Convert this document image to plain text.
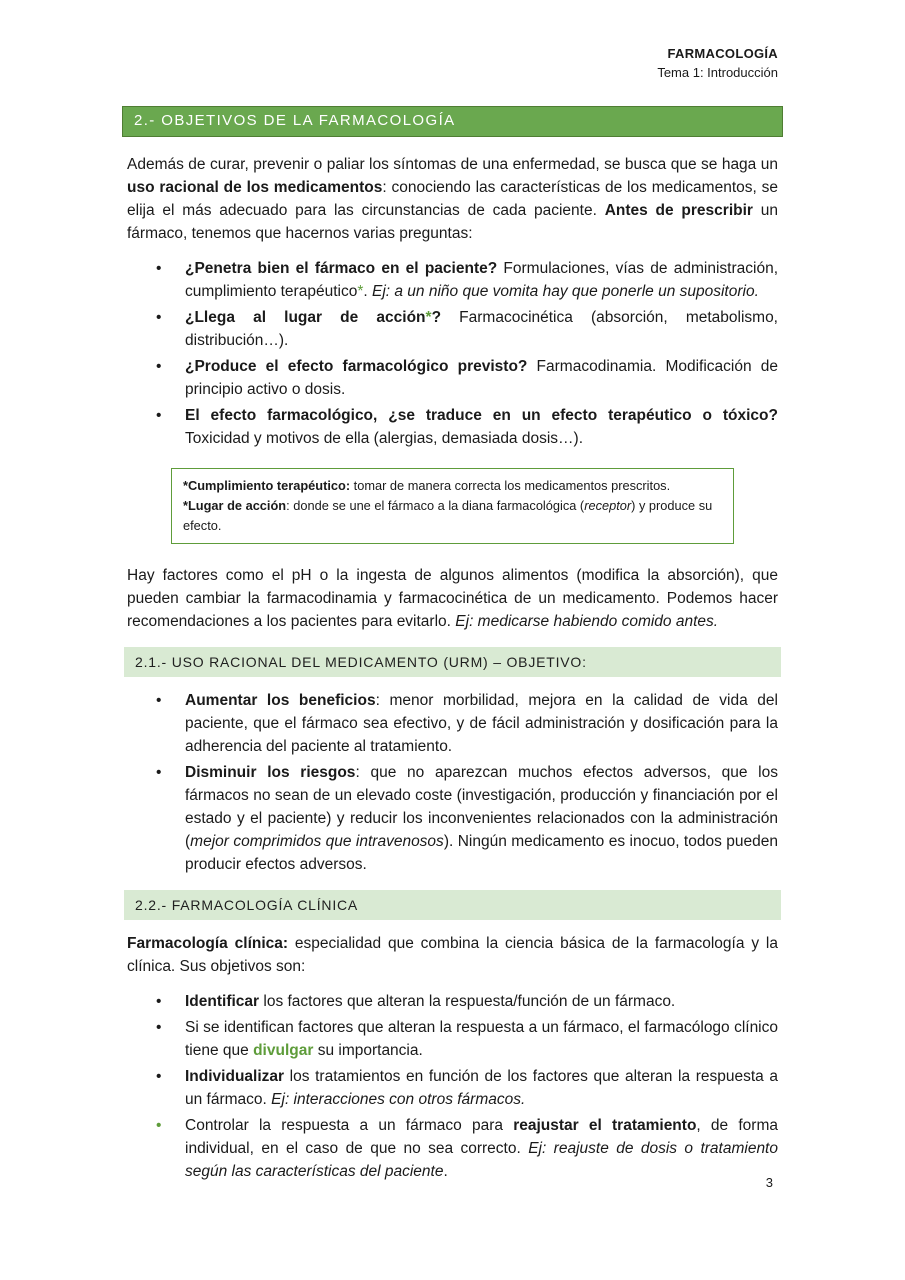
FARMACOLOGÍA
Tema 1: Introducción
2.- OBJETIVOS DE LA FARMACOLOGÍA

Además de curar, prevenir o paliar los síntomas de una enfermedad, se busca que se haga un uso racional de los medicamentos: conociendo las características de los medicamentos, se elija el más adecuado para las circunstancias de cada paciente. Antes de prescribir un fármaco, tenemos que hacernos varias preguntas:

• ¿Penetra bien el fármaco en el paciente? Formulaciones, vías de administración, cumplimiento terapéutico*. Ej: a un niño que vomita hay que ponerle un supositorio.
• ¿Llega al lugar de acción*? Farmacocinética (absorción, metabolismo, distribución…).
• ¿Produce el efecto farmacológico previsto? Farmacodinamia. Modificación de principio activo o dosis.
• El efecto farmacológico, ¿se traduce en un efecto terapéutico o tóxico? Toxicidad y motivos de ella (alergias, demasiada dosis…).

*Cumplimiento terapéutico: tomar de manera correcta los medicamentos prescritos.

*Lugar de acción: donde se une el fármaco a la diana farmacológica (receptor) y produce su efecto.

Hay factores como el pH o la ingesta de algunos alimentos (modifica la absorción), que pueden cambiar la farmacodinamia y farmacocinética de un medicamento. Podemos hacer recomendaciones a los pacientes para evitarlo. Ej: medicarse habiendo comido antes.

2.1.- USO RACIONAL DEL MEDICAMENTO (URM) – OBJETIVO:
• Aumentar los beneficios: menor morbilidad, mejora en la calidad de vida del paciente, que el fármaco sea efectivo, y de fácil administración y dosificación para la adherencia del paciente al tratamiento.
• Disminuir los riesgos: que no aparezcan muchos efectos adversos, que los fármacos no sean de un elevado coste (investigación, producción y financiación por el estado y el paciente) y reducir los inconvenientes relacionados con la administración (mejor comprimidos que intravenosos). Ningún medicamento es inocuo, todos pueden producir efectos adversos.
2.2.- FARMACOLOGÍA CLÍNICA

Farmacología clínica: especialidad que combina la ciencia básica de la farmacología y la clínica. Sus objetivos son:

• Identificar los factores que alteran la respuesta/función de un fármaco.
• Si se identifican factores que alteran la respuesta a un fármaco, el farmacólogo clínico tiene que divulgar su importancia.
• Individualizar los tratamientos en función de los factores que alteran la respuesta a un fármaco. Ej: interacciones con otros fármacos.
• Controlar la respuesta a un fármaco para reajustar el tratamiento, de forma individual, en el caso de que no sea correcto. Ej: reajuste de dosis o tratamiento según las características del paciente.
3
